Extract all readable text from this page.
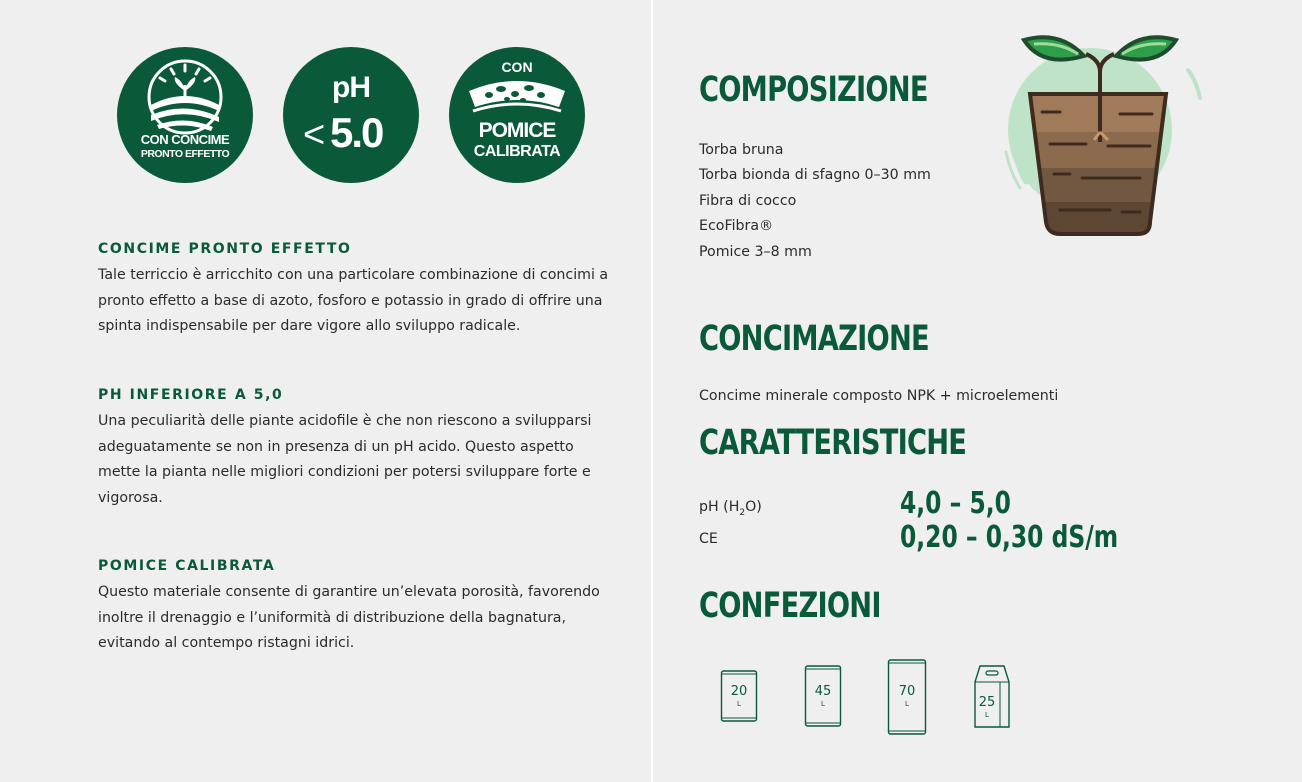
CON CONCIME
PRONTO EFFETTO
pH
< 5.0
CON
POMICE
CALIBRATA
CONCIME PRONTO EFFETTO

Tale terriccio è arricchito con una particolare combinazione di concimi a pronto effetto a base di azoto, fosforo e potassio in grado di offrire una spinta indispensabile per dare vigore allo sviluppo radicale.

PH INFERIORE A 5,0

Una peculiarità delle piante acidofile è che non riescono a svilupparsi adeguatamente se non in presenza di un pH acido. Questo aspetto mette la pianta nelle migliori condizioni per potersi sviluppare forte e vigorosa.

POMICE CALIBRATA

Questo materiale consente di garantire un’elevata porosità, favorendo inoltre il drenaggio e l’uniformità di distribuzione della bagnatura, evitando al contempo ristagni idrici.

COMPOSIZIONE
Torba bruna
Torba bionda di sfagno 0–30 mm
Fibra di cocco
EcoFibra®
Pomice 3–8 mm
CONCIMAZIONE
Concime minerale composto NPK + microelementi
CARATTERISTICHE
pH $(H_2O)$	4,0 – 5,0
CE	0,20 – 0,30 dS/m
CONFEZIONI
20
L
45
L
70
L	25
L
